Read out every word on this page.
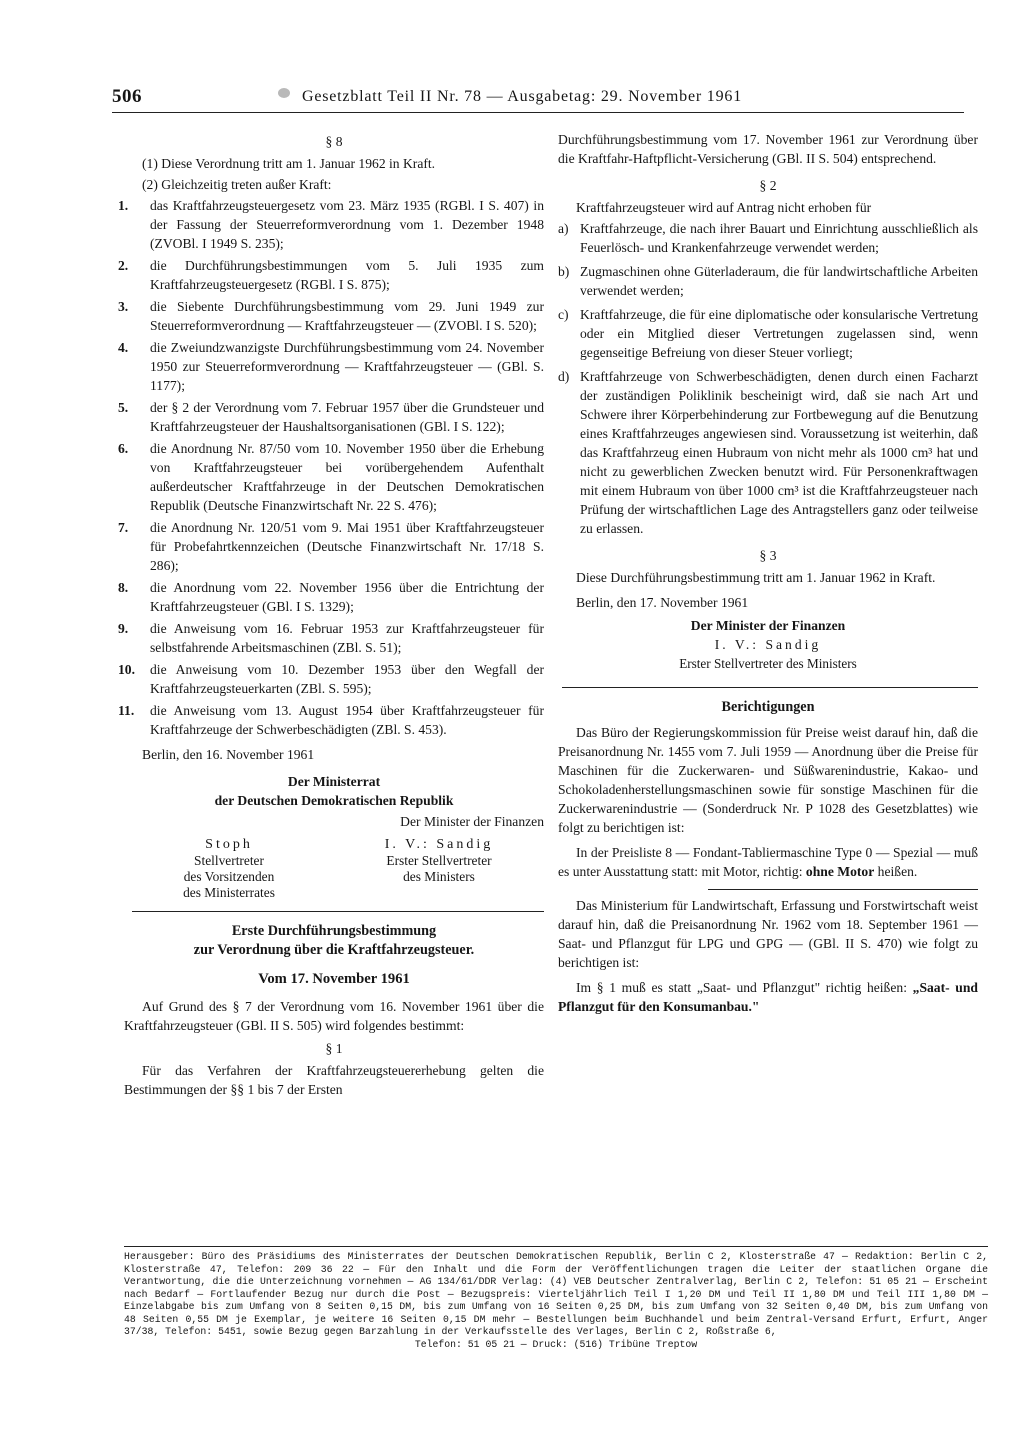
506	Gesetzblatt Teil II Nr. 78 — Ausgabetag: 29. November 1961
§ 8
(1) Diese Verordnung tritt am 1. Januar 1962 in Kraft.
(2) Gleichzeitig treten außer Kraft:
1.	das Kraftfahrzeugsteuergesetz vom 23. März 1935 (RGBl. I S. 407) in der Fassung der Steuerreformverordnung vom 1. Dezember 1948 (ZVOBl. I 1949 S. 235);
2.	die Durchführungsbestimmungen vom 5. Juli 1935 zum Kraftfahrzeugsteuergesetz (RGBl. I S. 875);
3.	die Siebente Durchführungsbestimmung vom 29. Juni 1949 zur Steuerreformverordnung — Kraftfahrzeugsteuer — (ZVOBl. I S. 520);
4.	die Zweiundzwanzigste Durchführungsbestimmung vom 24. November 1950 zur Steuerreformverordnung — Kraftfahrzeugsteuer — (GBl. S. 1177);
5.	der § 2 der Verordnung vom 7. Februar 1957 über die Grundsteuer und Kraftfahrzeugsteuer der Haushaltsorganisationen (GBl. I S. 122);
6.	die Anordnung Nr. 87/50 vom 10. November 1950 über die Erhebung von Kraftfahrzeugsteuer bei vorübergehendem Aufenthalt außerdeutscher Kraftfahrzeuge in der Deutschen Demokratischen Republik (Deutsche Finanzwirtschaft Nr. 22 S. 476);
7.	die Anordnung Nr. 120/51 vom 9. Mai 1951 über Kraftfahrzeugsteuer für Probefahrtkennzeichen (Deutsche Finanzwirtschaft Nr. 17/18 S. 286);
8.	die Anordnung vom 22. November 1956 über die Entrichtung der Kraftfahrzeugsteuer (GBl. I S. 1329);
9.	die Anweisung vom 16. Februar 1953 zur Kraftfahrzeugsteuer für selbstfahrende Arbeitsmaschinen (ZBl. S. 51);
10.	die Anweisung vom 10. Dezember 1953 über den Wegfall der Kraftfahrzeugsteuerkarten (ZBl. S. 595);
11.	die Anweisung vom 13. August 1954 über Kraftfahrzeugsteuer für Kraftfahrzeuge der Schwerbeschädigten (ZBl. S. 453).
Berlin, den 16. November 1961
Der Ministerrat
der Deutschen Demokratischen Republik
Der Minister der Finanzen
Stoph
Stellvertreter
des Vorsitzenden
des Ministerrates
I. V.: Sandig
Erster Stellvertreter
des Ministers
Erste Durchführungsbestimmung
zur Verordnung über die Kraftfahrzeugsteuer.
Vom 17. November 1961
Auf Grund des § 7 der Verordnung vom 16. November 1961 über die Kraftfahrzeugsteuer (GBl. II S. 505) wird folgendes bestimmt:
§ 1
Für das Verfahren der Kraftfahrzeugsteuererhebung gelten die Bestimmungen der §§ 1 bis 7 der Ersten
Durchführungsbestimmung vom 17. November 1961 zur Verordnung über die Kraftfahr-Haftpflicht-Versicherung (GBl. II S. 504) entsprechend.
§ 2
Kraftfahrzeugsteuer wird auf Antrag nicht erhoben für
a) Kraftfahrzeuge, die nach ihrer Bauart und Einrichtung ausschließlich als Feuerlösch- und Krankenfahrzeuge verwendet werden;
b) Zugmaschinen ohne Güterladeraum, die für landwirtschaftliche Arbeiten verwendet werden;
c) Kraftfahrzeuge, die für eine diplomatische oder konsularische Vertretung oder ein Mitglied dieser Vertretungen zugelassen sind, wenn gegenseitige Befreiung von dieser Steuer vorliegt;
d) Kraftfahrzeuge von Schwerbeschädigten, denen durch einen Facharzt der zuständigen Poliklinik bescheinigt wird, daß sie nach Art und Schwere ihrer Körperbehinderung zur Fortbewegung auf die Benutzung eines Kraftfahrzeuges angewiesen sind. Voraussetzung ist weiterhin, daß das Kraftfahrzeug einen Hubraum von nicht mehr als 1000 cm³ hat und nicht zu gewerblichen Zwecken benutzt wird. Für Personenkraftwagen mit einem Hubraum von über 1000 cm³ ist die Kraftfahrzeugsteuer nach Prüfung der wirtschaftlichen Lage des Antragstellers ganz oder teilweise zu erlassen.
§ 3
Diese Durchführungsbestimmung tritt am 1. Januar 1962 in Kraft.
Berlin, den 17. November 1961
Der Minister der Finanzen
I. V.: Sandig
Erster Stellvertreter des Ministers
Berichtigungen
Das Büro der Regierungskommission für Preise weist darauf hin, daß die Preisanordnung Nr. 1455 vom 7. Juli 1959 — Anordnung über die Preise für Maschinen für die Zuckerwaren- und Süßwarenindustrie, Kakao- und Schokoladenherstellungsmaschinen sowie für sonstige Maschinen für die Zuckerwarenindustrie — (Sonderdruck Nr. P 1028 des Gesetzblattes) wie folgt zu berichtigen ist:
In der Preisliste 8 — Fondant-Tabliermaschine Type 0 — Spezial — muß es unter Ausstattung statt: mit Motor, richtig: ohne Motor heißen.
Das Ministerium für Landwirtschaft, Erfassung und Forstwirtschaft weist darauf hin, daß die Preisanordnung Nr. 1962 vom 18. September 1961 — Saat- und Pflanzgut für LPG und GPG — (GBl. II S. 470) wie folgt zu berichtigen ist:
Im § 1 muß es statt „Saat- und Pflanzgut" richtig heißen: „Saat- und Pflanzgut für den Konsumanbau."
Herausgeber: Büro des Präsidiums des Ministerrates der Deutschen Demokratischen Republik, Berlin C 2, Klosterstraße 47 — Redaktion: Berlin C 2, Klosterstraße 47, Telefon: 209 36 22 — Für den Inhalt und die Form der Veröffentlichungen tragen die Leiter der staatlichen Organe die Verantwortung, die die Unterzeichnung vornehmen — AG 134/61/DDR Verlag: (4) VEB Deutscher Zentralverlag, Berlin C 2, Telefon: 51 05 21 — Erscheint nach Bedarf — Fortlaufender Bezug nur durch die Post — Bezugspreis: Vierteljährlich Teil I 1,20 DM und Teil II 1,80 DM und Teil III 1,80 DM — Einzelabgabe bis zum Umfang von 8 Seiten 0,15 DM, bis zum Umfang von 16 Seiten 0,25 DM, bis zum Umfang von 32 Seiten 0,40 DM, bis zum Umfang von 48 Seiten 0,55 DM je Exemplar, je weitere 16 Seiten 0,15 DM mehr — Bestellungen beim Buchhandel und beim Zentral-Versand Erfurt, Erfurt, Anger 37/38, Telefon: 5451, sowie Bezug gegen Barzahlung in der Verkaufsstelle des Verlages, Berlin C 2, Roßstraße 6,
Telefon: 51 05 21 — Druck: (516) Tribüne Treptow
